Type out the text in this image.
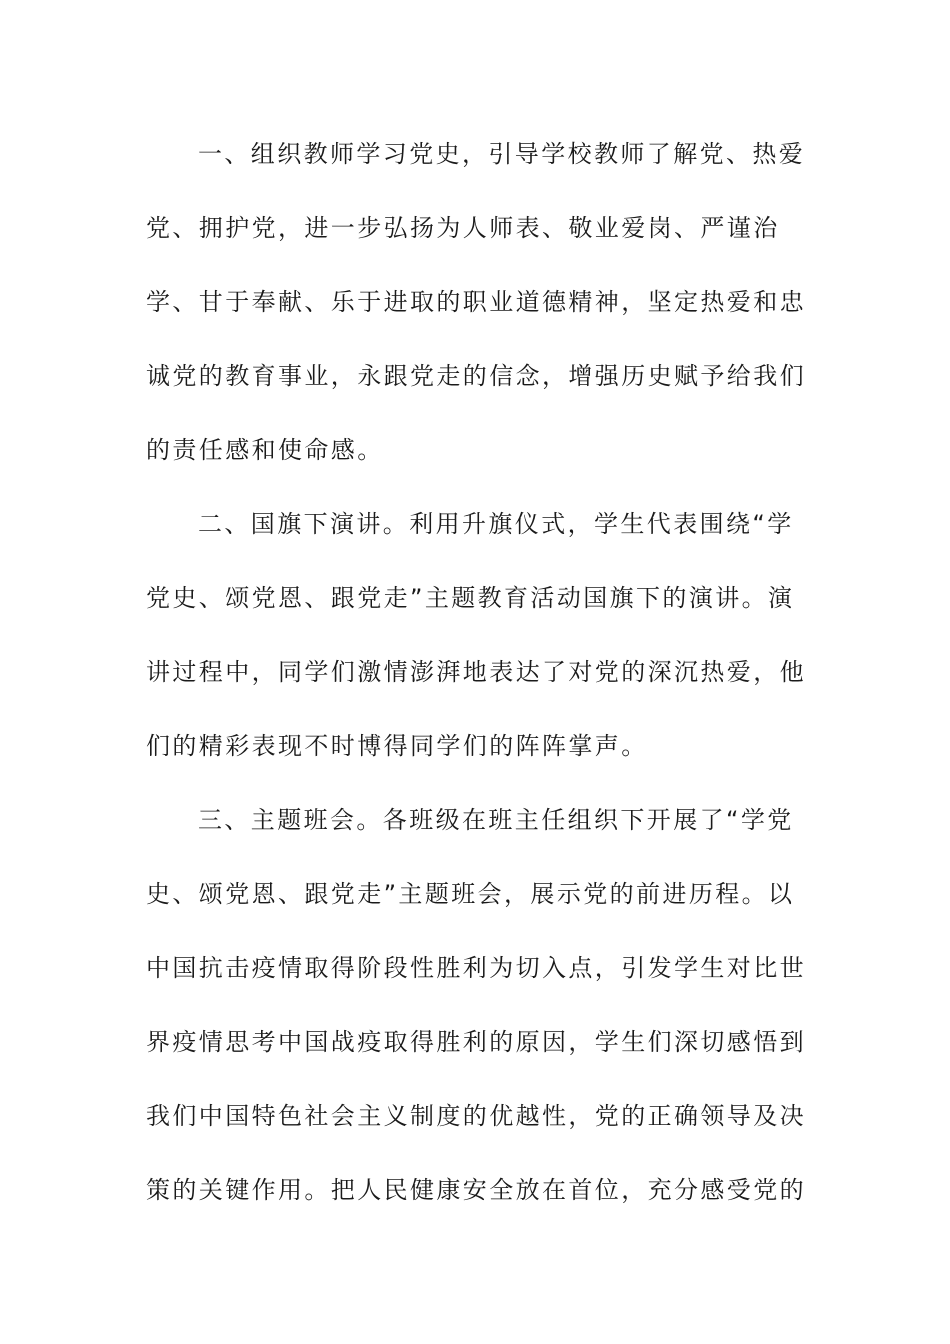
一、组织教师学习党史，引导学校教师了解党、热爱
党、拥护党，进一步弘扬为人师表、敬业爱岗、严谨治
学、甘于奉献、乐于进取的职业道德精神，坚定热爱和忠
诚党的教育事业，永跟党走的信念，增强历史赋予给我们
的责任感和使命感。
二、国旗下演讲。利用升旗仪式，学生代表围绕“学
党史、颂党恩、跟党走”主题教育活动国旗下的演讲。演
讲过程中，同学们激情澎湃地表达了对党的深沉热爱，他
们的精彩表现不时博得同学们的阵阵掌声。
三、主题班会。各班级在班主任组织下开展了“学党
史、颂党恩、跟党走”主题班会，展示党的前进历程。以
中国抗击疫情取得阶段性胜利为切入点，引发学生对比世
界疫情思考中国战疫取得胜利的原因，学生们深切感悟到
我们中国特色社会主义制度的优越性，党的正确领导及决
策的关键作用。把人民健康安全放在首位，充分感受党的
